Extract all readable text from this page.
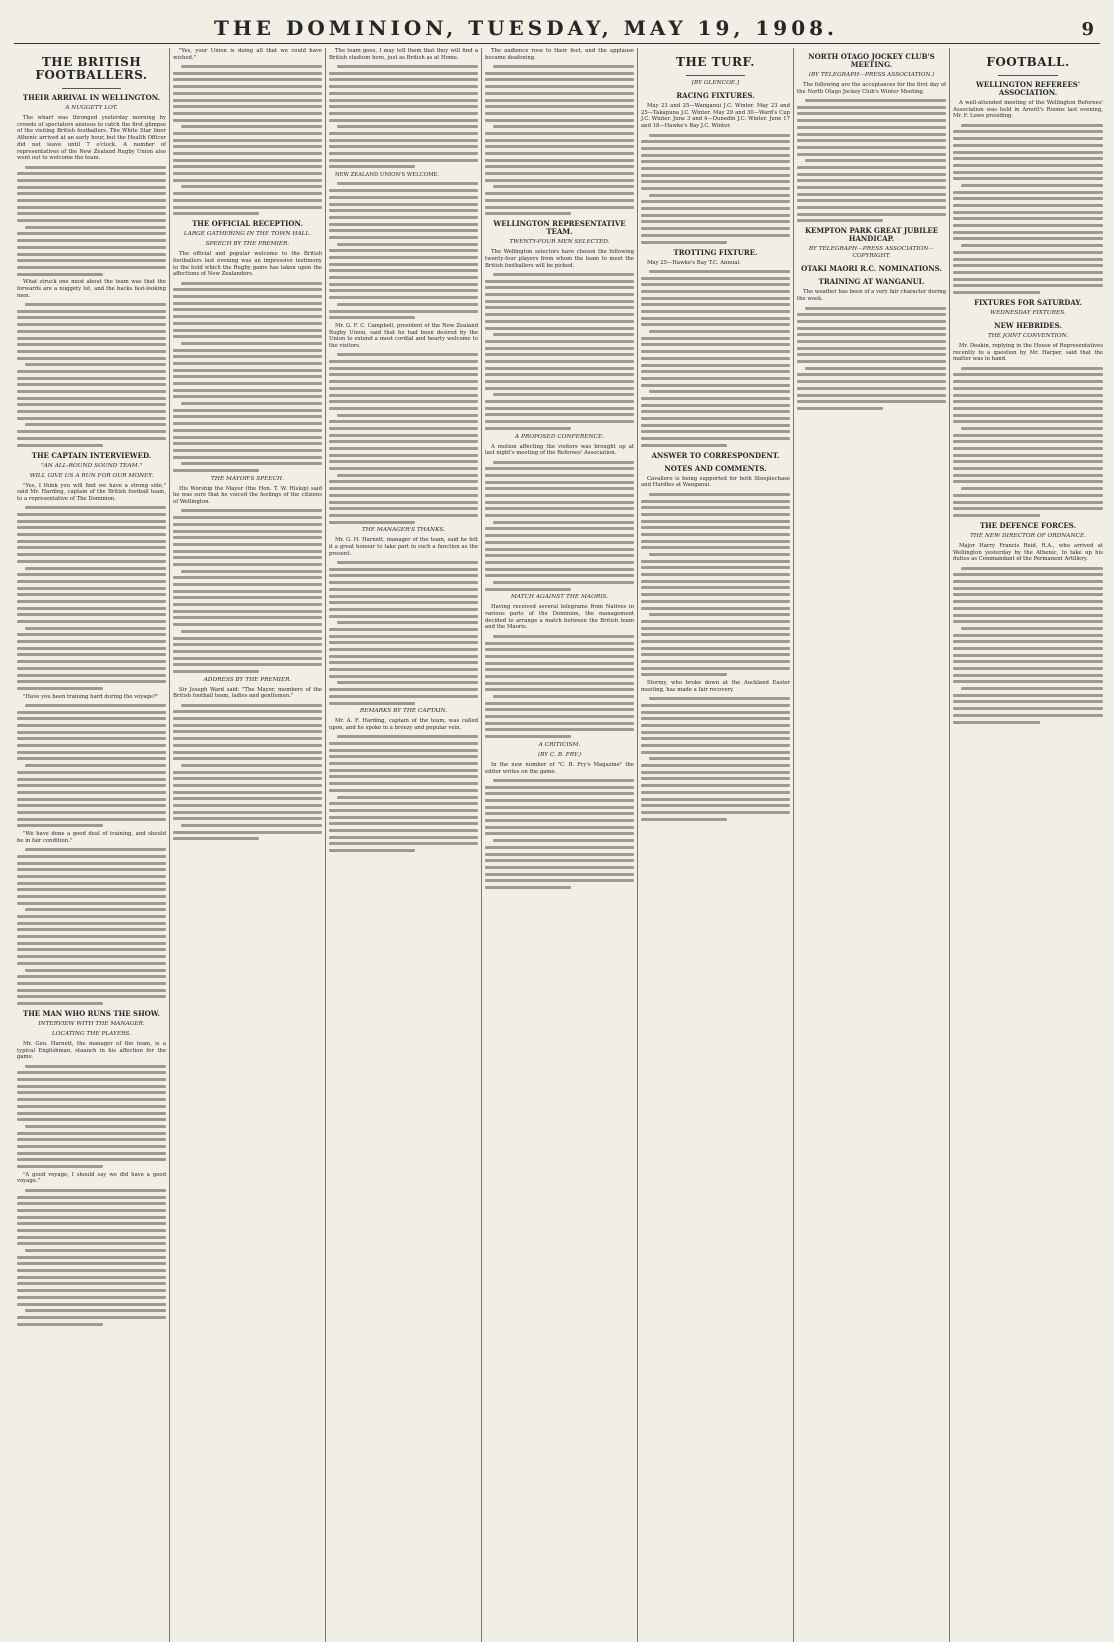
THE DOMINION, TUESDAY, MAY 19, 1908.	9
THE BRITISH FOOTBALLERS.
THEIR ARRIVAL IN WELLINGTON.
A NUGGETY LOT.

The wharf was thronged yesterday morning by crowds of spectators anxious to catch the first glimpse of the visiting British footballers. The White Star liner Athenic arrived at an early hour, but the Health Officer did not leave until 7 o'clock. A number of representatives of the New Zealand Rugby Union also went out to welcome the team.

What struck one most about the team was that the forwards are a nuggety lot, and the backs fast-looking men.

THE CAPTAIN INTERVIEWED.
"AN ALL-ROUND SOUND TEAM."
WILL GIVE US A RUN FOR OUR MONEY.

"Yes, I think you will find we have a strong side," said Mr. Harding, captain of the British football team, to a representative of The Dominion.

"Have you been training hard during the voyage?"

"We have done a good deal of training, and should be in fair condition."

THE MAN WHO RUNS THE SHOW.
INTERVIEW WITH THE MANAGER.
LOCATING THE PLAYERS.

Mr. Geo. Harnett, the manager of the team, is a typical Englishman, staunch in his affection for the game.

"A good voyage, I should say we did have a good voyage."

"Yes, your Union is doing all that we could have wished."

THE OFFICIAL RECEPTION.
LARGE GATHERING IN THE TOWN HALL.
SPEECH BY THE PREMIER.

The official and popular welcome to the British footballers last evening was an impressive testimony to the hold which the Rugby game has taken upon the affections of New Zealanders.

THE MAYOR'S SPEECH.

His Worship the Mayor (the Hon. T. W. Hislop) said he was sure that he voiced the feelings of the citizens of Wellington.

ADDRESS BY THE PREMIER.

Sir Joseph Ward said: "The Mayor, members of the British football team, ladies and gentlemen."

The team goes, I may tell them that they will find a British stadium here, just as British as at Home.

NEW ZEALAND UNION'S WELCOME.

Mr. G. F. C. Campbell, president of the New Zealand Rugby Union, said that he had been desired by the Union to extend a most cordial and hearty welcome to the visitors.

THE MANAGER'S THANKS.

Mr. G. H. Harnett, manager of the team, said he felt it a great honour to take part in such a function as the present.

REMARKS BY THE CAPTAIN.

Mr. A. F. Harding, captain of the team, was called upon, and he spoke in a breezy and popular vein.

The audience rose to their feet, and the applause became deafening.

WELLINGTON REPRESENTATIVE TEAM.
TWENTY-FOUR MEN SELECTED.

The Wellington selectors have chosen the following twenty-four players from whom the team to meet the British footballers will be picked.

A PROPOSED CONFERENCE.

A motion affecting the visitors was brought up at last night's meeting of the Referees' Association.

MATCH AGAINST THE MAORIS.

Having received several telegrams from Natives in various parts of the Dominion, the management decided to arrange a match between the British team and the Maoris.

A CRITICISM.
(BY C. B. FRY.)

In the new number of "C. B. Fry's Magazine" the editor writes on the game.

THE TURF.
[BY GLENCOE.]
RACING FIXTURES.

May 23 and 25—Wanganui J.C. Winter. May 23 and 25—Takapuna J.C. Winter. May 29 and 30—Ward's Cup J.C. Winter. June 3 and 4—Dunedin J.C. Winter. June 17 and 18—Hawke's Bay J.C. Winter.

TROTTING FIXTURE.

May 25—Hawke's Bay T.C. Annual.

ANSWER TO CORRESPONDENT.
NOTES AND COMMENTS.

Cavaliero is being supported for both Steeplechase and Hurdles at Wanganui.

Stormy, who broke down at the Auckland Easter meeting, has made a fair recovery.

NORTH OTAGO JOCKEY CLUB'S MEETING.
(BY TELEGRAPH—PRESS ASSOCIATION.)

The following are the acceptances for the first day of the North Otago Jockey Club's Winter Meeting.

KEMPTON PARK GREAT JUBILEE HANDICAP.
BY TELEGRAPH—PRESS ASSOCIATION—COPYRIGHT.
OTAKI MAORI R.C. NOMINATIONS.
TRAINING AT WANGANUI.

The weather has been of a very fair character during the week.

FOOTBALL.
WELLINGTON REFEREES' ASSOCIATION.

A well-attended meeting of the Wellington Referees' Association was held in Arnott's Rooms last evening, Mr. F. Lowe presiding.

FIXTURES FOR SATURDAY.
WEDNESDAY FIXTURES.
NEW HEBRIDES.
THE JOINT CONVENTION.

Mr. Deakin, replying in the House of Representatives recently to a question by Mr. Harper, said that the matter was in hand.

THE DEFENCE FORCES.
THE NEW DIRECTOR OF ORDNANCE.

Major Harry Francis Reid, R.A., who arrived at Wellington yesterday by the Athenic, to take up his duties as Commandant of the Permanent Artillery.
